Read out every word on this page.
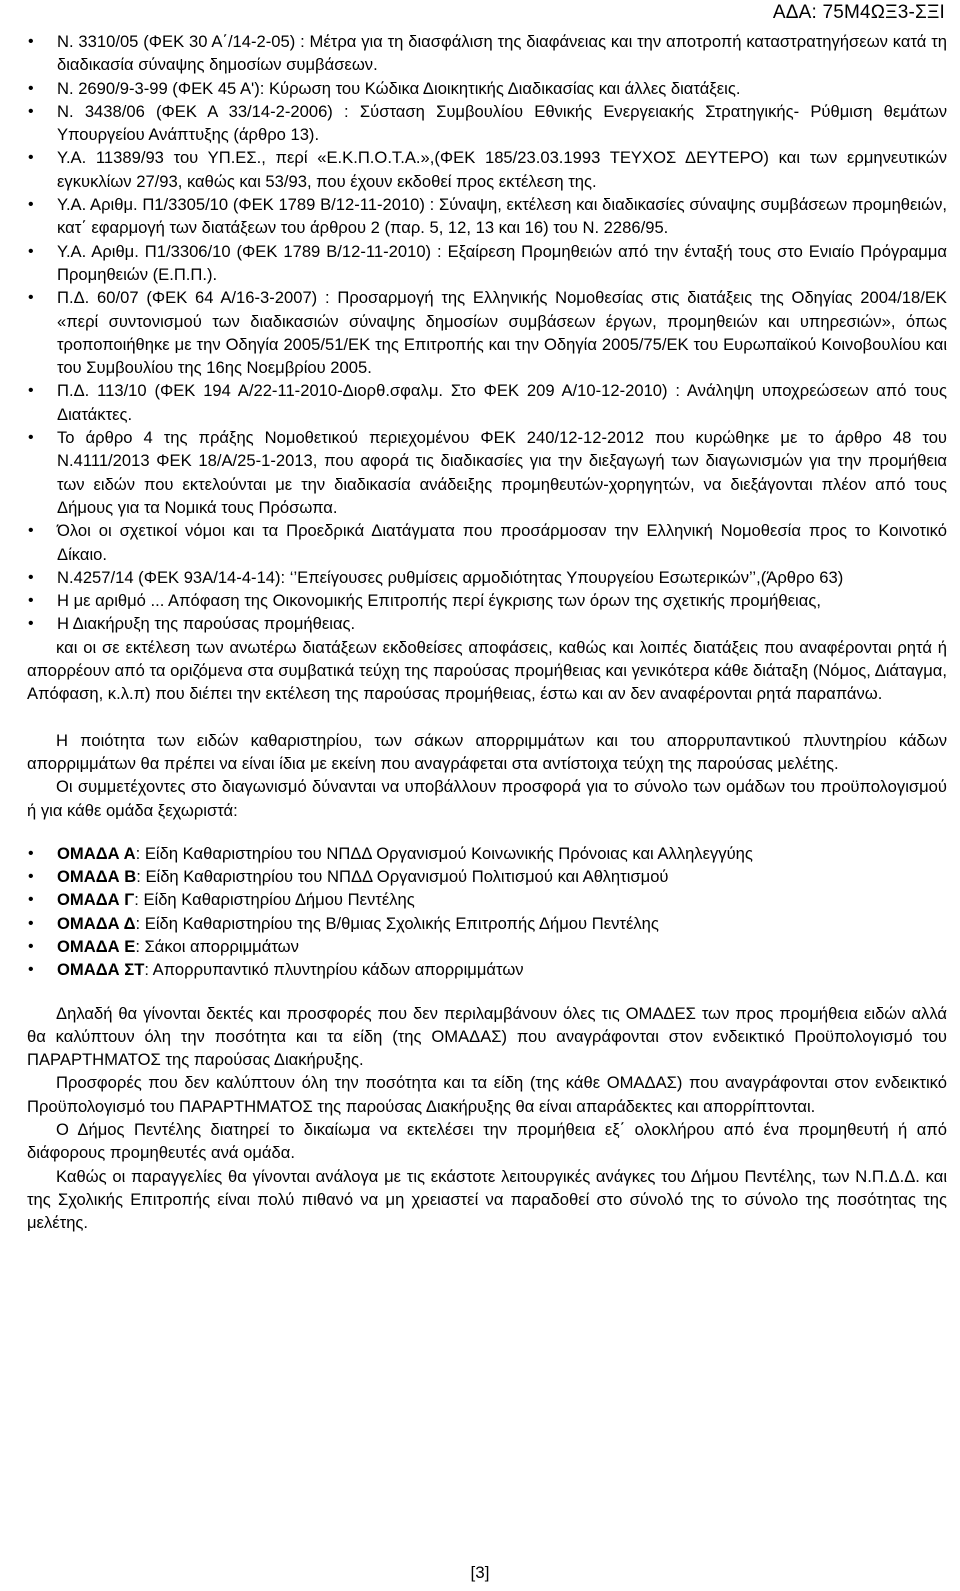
ΑΔΑ: 75Μ4ΩΞ3-ΣΞΙ
• Ν. 3310/05 (ΦΕΚ 30 Α΄/14-2-05) : Μέτρα για τη διασφάλιση της διαφάνειας και την αποτροπή καταστρατηγήσεων κατά τη διαδικασία σύναψης δημοσίων συμβάσεων.
• Ν. 2690/9-3-99 (ΦΕΚ 45 Α'): Κύρωση του Κώδικα Διοικητικής Διαδικασίας και άλλες διατάξεις.
• Ν. 3438/06 (ΦΕΚ Α 33/14-2-2006) : Σύσταση Συμβουλίου Εθνικής Ενεργειακής Στρατηγικής- Ρύθμιση θεμάτων Υπουργείου Ανάπτυξης (άρθρο 13).
• Υ.Α. 11389/93 του ΥΠ.ΕΣ., περί «Ε.Κ.Π.Ο.Τ.Α.»,(ΦΕΚ 185/23.03.1993 ΤΕΥΧΟΣ ΔΕΥΤΕΡΟ) και των ερμηνευτικών εγκυκλίων 27/93, καθώς και 53/93, που έχουν εκδοθεί προς εκτέλεση της.
• Υ.Α. Αριθμ. Π1/3305/10 (ΦΕΚ 1789 Β/12-11-2010) : Σύναψη, εκτέλεση και διαδικασίες σύναψης συμβάσεων προμηθειών, κατ΄ εφαρμογή των διατάξεων του άρθρου 2 (παρ. 5, 12, 13 και 16) του Ν. 2286/95.
• Υ.Α. Αριθμ. Π1/3306/10 (ΦΕΚ 1789 Β/12-11-2010) : Εξαίρεση Προμηθειών από την ένταξή τους στο Ενιαίο Πρόγραμμα Προμηθειών (Ε.Π.Π.).
• Π.Δ. 60/07 (ΦΕΚ 64 Α/16-3-2007) : Προσαρμογή της Ελληνικής Νομοθεσίας στις διατάξεις της Οδηγίας 2004/18/ΕΚ «περί συντονισμού των διαδικασιών σύναψης δημοσίων συμβάσεων έργων, προμηθειών και υπηρεσιών», όπως τροποποιήθηκε με την Οδηγία 2005/51/ΕΚ της Επιτροπής και την Οδηγία 2005/75/ΕΚ του Ευρωπαϊκού Κοινοβουλίου και του Συμβουλίου της 16ης Νοεμβρίου 2005.
• Π.Δ. 113/10 (ΦΕΚ 194 Α/22-11-2010-Διορθ.σφαλμ. Στο ΦΕΚ 209 Α/10-12-2010) : Ανάληψη υποχρεώσεων από τους Διατάκτες.
• Το άρθρο 4 της πράξης Νομοθετικού περιεχομένου ΦΕΚ 240/12-12-2012 που κυρώθηκε με το άρθρο 48 του Ν.4111/2013 ΦΕΚ 18/Α/25-1-2013, που αφορά τις διαδικασίες για την διεξαγωγή των διαγωνισμών για την προμήθεια των ειδών που εκτελούνται με την διαδικασία ανάδειξης προμηθευτών-χορηγητών, να διεξάγονται πλέον από τους Δήμους για τα Νομικά τους Πρόσωπα.
• Όλοι οι σχετικοί νόμοι και τα Προεδρικά Διατάγματα που προσάρμοσαν την Ελληνική Νομοθεσία προς το Κοινοτικό Δίκαιο.
• Ν.4257/14 (ΦΕΚ 93Α/14-4-14): ‘’Επείγουσες ρυθμίσεις αρμοδιότητας Υπουργείου Εσωτερικών’’,(Άρθρο 63)
• Η με αριθμό ... Απόφαση της Οικονομικής Επιτροπής περί έγκρισης των όρων της σχετικής προμήθειας,
• Η Διακήρυξη της παρούσας προμήθειας.

και οι σε εκτέλεση των ανωτέρω διατάξεων εκδοθείσες αποφάσεις, καθώς και λοιπές διατάξεις που αναφέρονται ρητά ή απορρέουν από τα οριζόμενα στα συμβατικά τεύχη της παρούσας προμήθειας και γενικότερα κάθε διάταξη (Νόμος, Διάταγμα, Απόφαση, κ.λ.π) που διέπει την εκτέλεση της παρούσας προμήθειας, έστω και αν δεν αναφέρονται ρητά παραπάνω.

Η ποιότητα των ειδών καθαριστηρίου, των σάκων απορριμμάτων και του απορρυπαντικού πλυντηρίου κάδων απορριμμάτων θα πρέπει να είναι ίδια με εκείνη που αναγράφεται στα αντίστοιχα τεύχη της παρούσας μελέτης.

Οι συμμετέχοντες στο διαγωνισμό δύνανται να υποβάλλουν προσφορά για το σύνολο των ομάδων του προϋπολογισμού ή για κάθε ομάδα ξεχωριστά:

• ΟΜΑΔΑ Α: Είδη Καθαριστηρίου του ΝΠΔΔ Οργανισμού Κοινωνικής Πρόνοιας και Αλληλεγγύης
• ΟΜΑΔΑ Β: Είδη Καθαριστηρίου του ΝΠΔΔ Οργανισμού Πολιτισμού και Αθλητισμού
• ΟΜΑΔΑ Γ: Είδη Καθαριστηρίου Δήμου Πεντέλης
• ΟΜΑΔΑ Δ: Είδη Καθαριστηρίου της Β/θμιας Σχολικής Επιτροπής Δήμου Πεντέλης
• ΟΜΑΔΑ Ε: Σάκοι απορριμμάτων
• ΟΜΑΔΑ ΣΤ: Απορρυπαντικό πλυντηρίου κάδων απορριμμάτων

Δηλαδή θα γίνονται δεκτές και προσφορές που δεν περιλαμβάνουν όλες τις ΟΜΑΔΕΣ των προς προμήθεια ειδών αλλά θα καλύπτουν όλη την ποσότητα και τα είδη (της ΟΜΑΔΑΣ) που αναγράφονται στον ενδεικτικό Προϋπολογισμό του ΠΑΡΑΡΤΗΜΑΤΟΣ της παρούσας Διακήρυξης.

Προσφορές που δεν καλύπτουν όλη την ποσότητα και τα είδη (της κάθε ΟΜΑΔΑΣ) που αναγράφονται στον ενδεικτικό Προϋπολογισμό του ΠΑΡΑΡΤΗΜΑΤΟΣ της παρούσας Διακήρυξης θα είναι απαράδεκτες και απορρίπτονται.

Ο Δήμος Πεντέλης διατηρεί το δικαίωμα να εκτελέσει την προμήθεια εξ΄ ολοκλήρου από ένα προμηθευτή ή από διάφορους προμηθευτές ανά ομάδα.

Καθώς οι παραγγελίες θα γίνονται ανάλογα με τις εκάστοτε λειτουργικές ανάγκες του Δήμου Πεντέλης, των Ν.Π.Δ.Δ. και της Σχολικής Επιτροπής είναι πολύ πιθανό να μη χρειαστεί να παραδοθεί στο σύνολό της το σύνολο της ποσότητας της μελέτης.

[3]
